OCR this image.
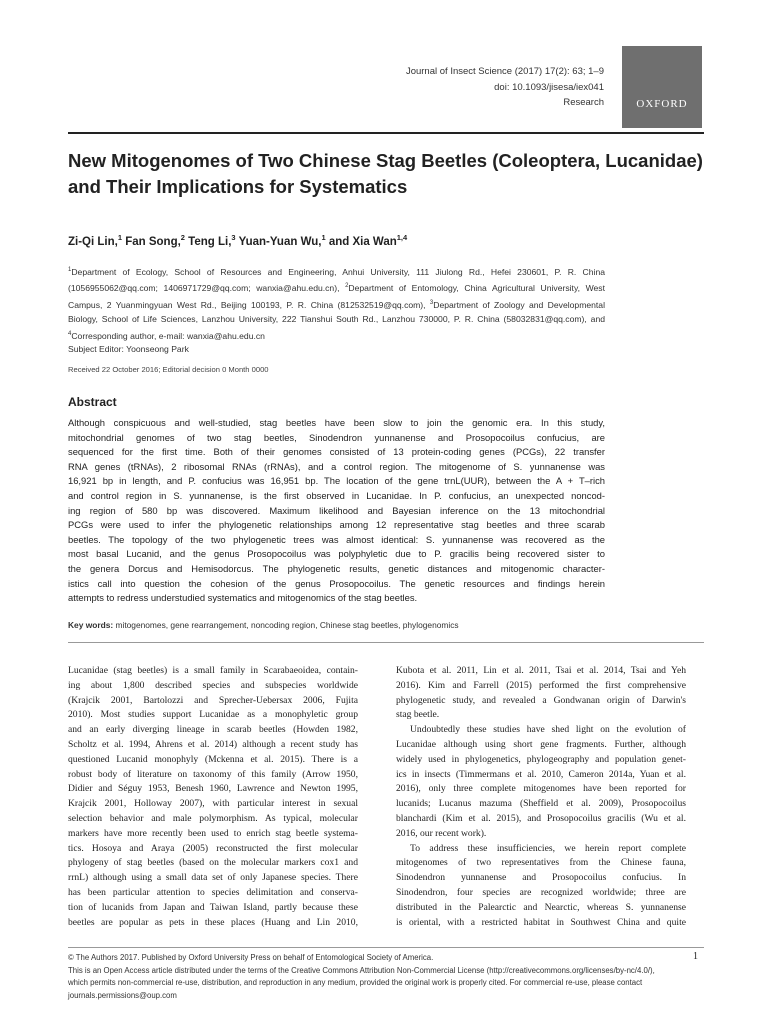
Journal of Insect Science (2017) 17(2): 63; 1–9
doi: 10.1093/jisesa/iex041
Research	OXFORD
New Mitogenomes of Two Chinese Stag Beetles (Coleoptera, Lucanidae) and Their Implications for Systematics
Zi-Qi Lin,$^1$ Fan Song,$^2$ Teng Li,$^3$ Yuan-Yuan Wu,$^1$ and Xia Wan$^{1,4}$
$^1$Department of Ecology, School of Resources and Engineering, Anhui University, 111 Jiulong Rd., Hefei 230601, P. R. China (1056955062@qq.com; 1406971729@qq.com; wanxia@ahu.edu.cn), $^2$Department of Entomology, China Agricultural University, West Campus, 2 Yuanmingyuan West Rd., Beijing 100193, P. R. China (812532519@qq.com), $^3$Department of Zoology and Developmental Biology, School of Life Sciences, Lanzhou University, 222 Tianshui South Rd., Lanzhou 730000, P. R. China (58032831@qq.com), and $^4$Corresponding author, e-mail: wanxia@ahu.edu.cn
Subject Editor: Yoonseong Park
Received 22 October 2016; Editorial decision 0 Month 0000
Abstract
Although conspicuous and well-studied, stag beetles have been slow to join the genomic era. In this study,
mitochondrial genomes of two stag beetles, Sinodendron yunnanense and Prosopocoilus confucius, are
sequenced for the first time. Both of their genomes consisted of 13 protein-coding genes (PCGs), 22 transfer
RNA genes (tRNAs), 2 ribosomal RNAs (rRNAs), and a control region. The mitogenome of S. yunnanense was
16,921 bp in length, and P. confucius was 16,951 bp. The location of the gene trnL(UUR), between the A + T–rich
and control region in S. yunnanense, is the first observed in Lucanidae. In P. confucius, an unexpected noncod-
ing region of 580 bp was discovered. Maximum likelihood and Bayesian inference on the 13 mitochondrial
PCGs were used to infer the phylogenetic relationships among 12 representative stag beetles and three scarab
beetles. The topology of the two phylogenetic trees was almost identical: S. yunnanense was recovered as the
most basal Lucanid, and the genus Prosopocoilus was polyphyletic due to P. gracilis being recovered sister to
the genera Dorcus and Hemisodorcus. The phylogenetic results, genetic distances and mitogenomic character-
istics call into question the cohesion of the genus Prosopocoilus. The genetic resources and findings herein
attempts to redress understudied systematics and mitogenomics of the stag beetles.
Key words: mitogenomes, gene rearrangement, noncoding region, Chinese stag beetles, phylogenomics
Lucanidae (stag beetles) is a small family in Scarabaeoidea, contain-
ing about 1,800 described species and subspecies worldwide
(Krajcik 2001, Bartolozzi and Sprecher-Uebersax 2006, Fujita
2010). Most studies support Lucanidae as a monophyletic group
and an early diverging lineage in scarab beetles (Howden 1982,
Scholtz et al. 1994, Ahrens et al. 2014) although a recent study has
questioned Lucanid monophyly (Mckenna et al. 2015). There is a
robust body of literature on taxonomy of this family (Arrow 1950,
Didier and Séguy 1953, Benesh 1960, Lawrence and Newton 1995,
Krajcik 2001, Holloway 2007), with particular interest in sexual
selection behavior and male polymorphism. As typical, molecular
markers have more recently been used to enrich stag beetle systema-
tics. Hosoya and Araya (2005) reconstructed the first molecular
phylogeny of stag beetles (based on the molecular markers cox1 and
rrnL) although using a small data set of only Japanese species. There
has been particular attention to species delimitation and conserva-
tion of lucanids from Japan and Taiwan Island, partly because these
beetles are popular as pets in these places (Huang and Lin 2010,
Kubota et al. 2011, Lin et al. 2011, Tsai et al. 2014, Tsai and Yeh
2016). Kim and Farrell (2015) performed the first comprehensive
phylogenetic study, and revealed a Gondwanan origin of Darwin's
stag beetle.
Undoubtedly these studies have shed light on the evolution of
Lucanidae although using short gene fragments. Further, although
widely used in phylogenetics, phylogeography and population genet-
ics in insects (Timmermans et al. 2010, Cameron 2014a, Yuan et al.
2016), only three complete mitogenomes have been reported for
lucanids; Lucanus mazuma (Sheffield et al. 2009), Prosopocoilus
blanchardi (Kim et al. 2015), and Prosopocoilus gracilis (Wu et al.
2016, our recent work).
To address these insufficiencies, we herein report complete
mitogenomes of two representatives from the Chinese fauna,
Sinodendron yunnanense and Prosopocoilus confucius. In
Sinodendron, four species are recognized worldwide; three are
distributed in the Palearctic and Nearctic, whereas S. yunnanense
is oriental, with a restricted habitat in Southwest China and quite
© The Authors 2017. Published by Oxford University Press on behalf of Entomological Society of America.
This is an Open Access article distributed under the terms of the Creative Commons Attribution Non-Commercial License (http://creativecommons.org/licenses/by-nc/4.0/),
which permits non-commercial re-use, distribution, and reproduction in any medium, provided the original work is properly cited. For commercial re-use, please contact
journals.permissions@oup.com
1
